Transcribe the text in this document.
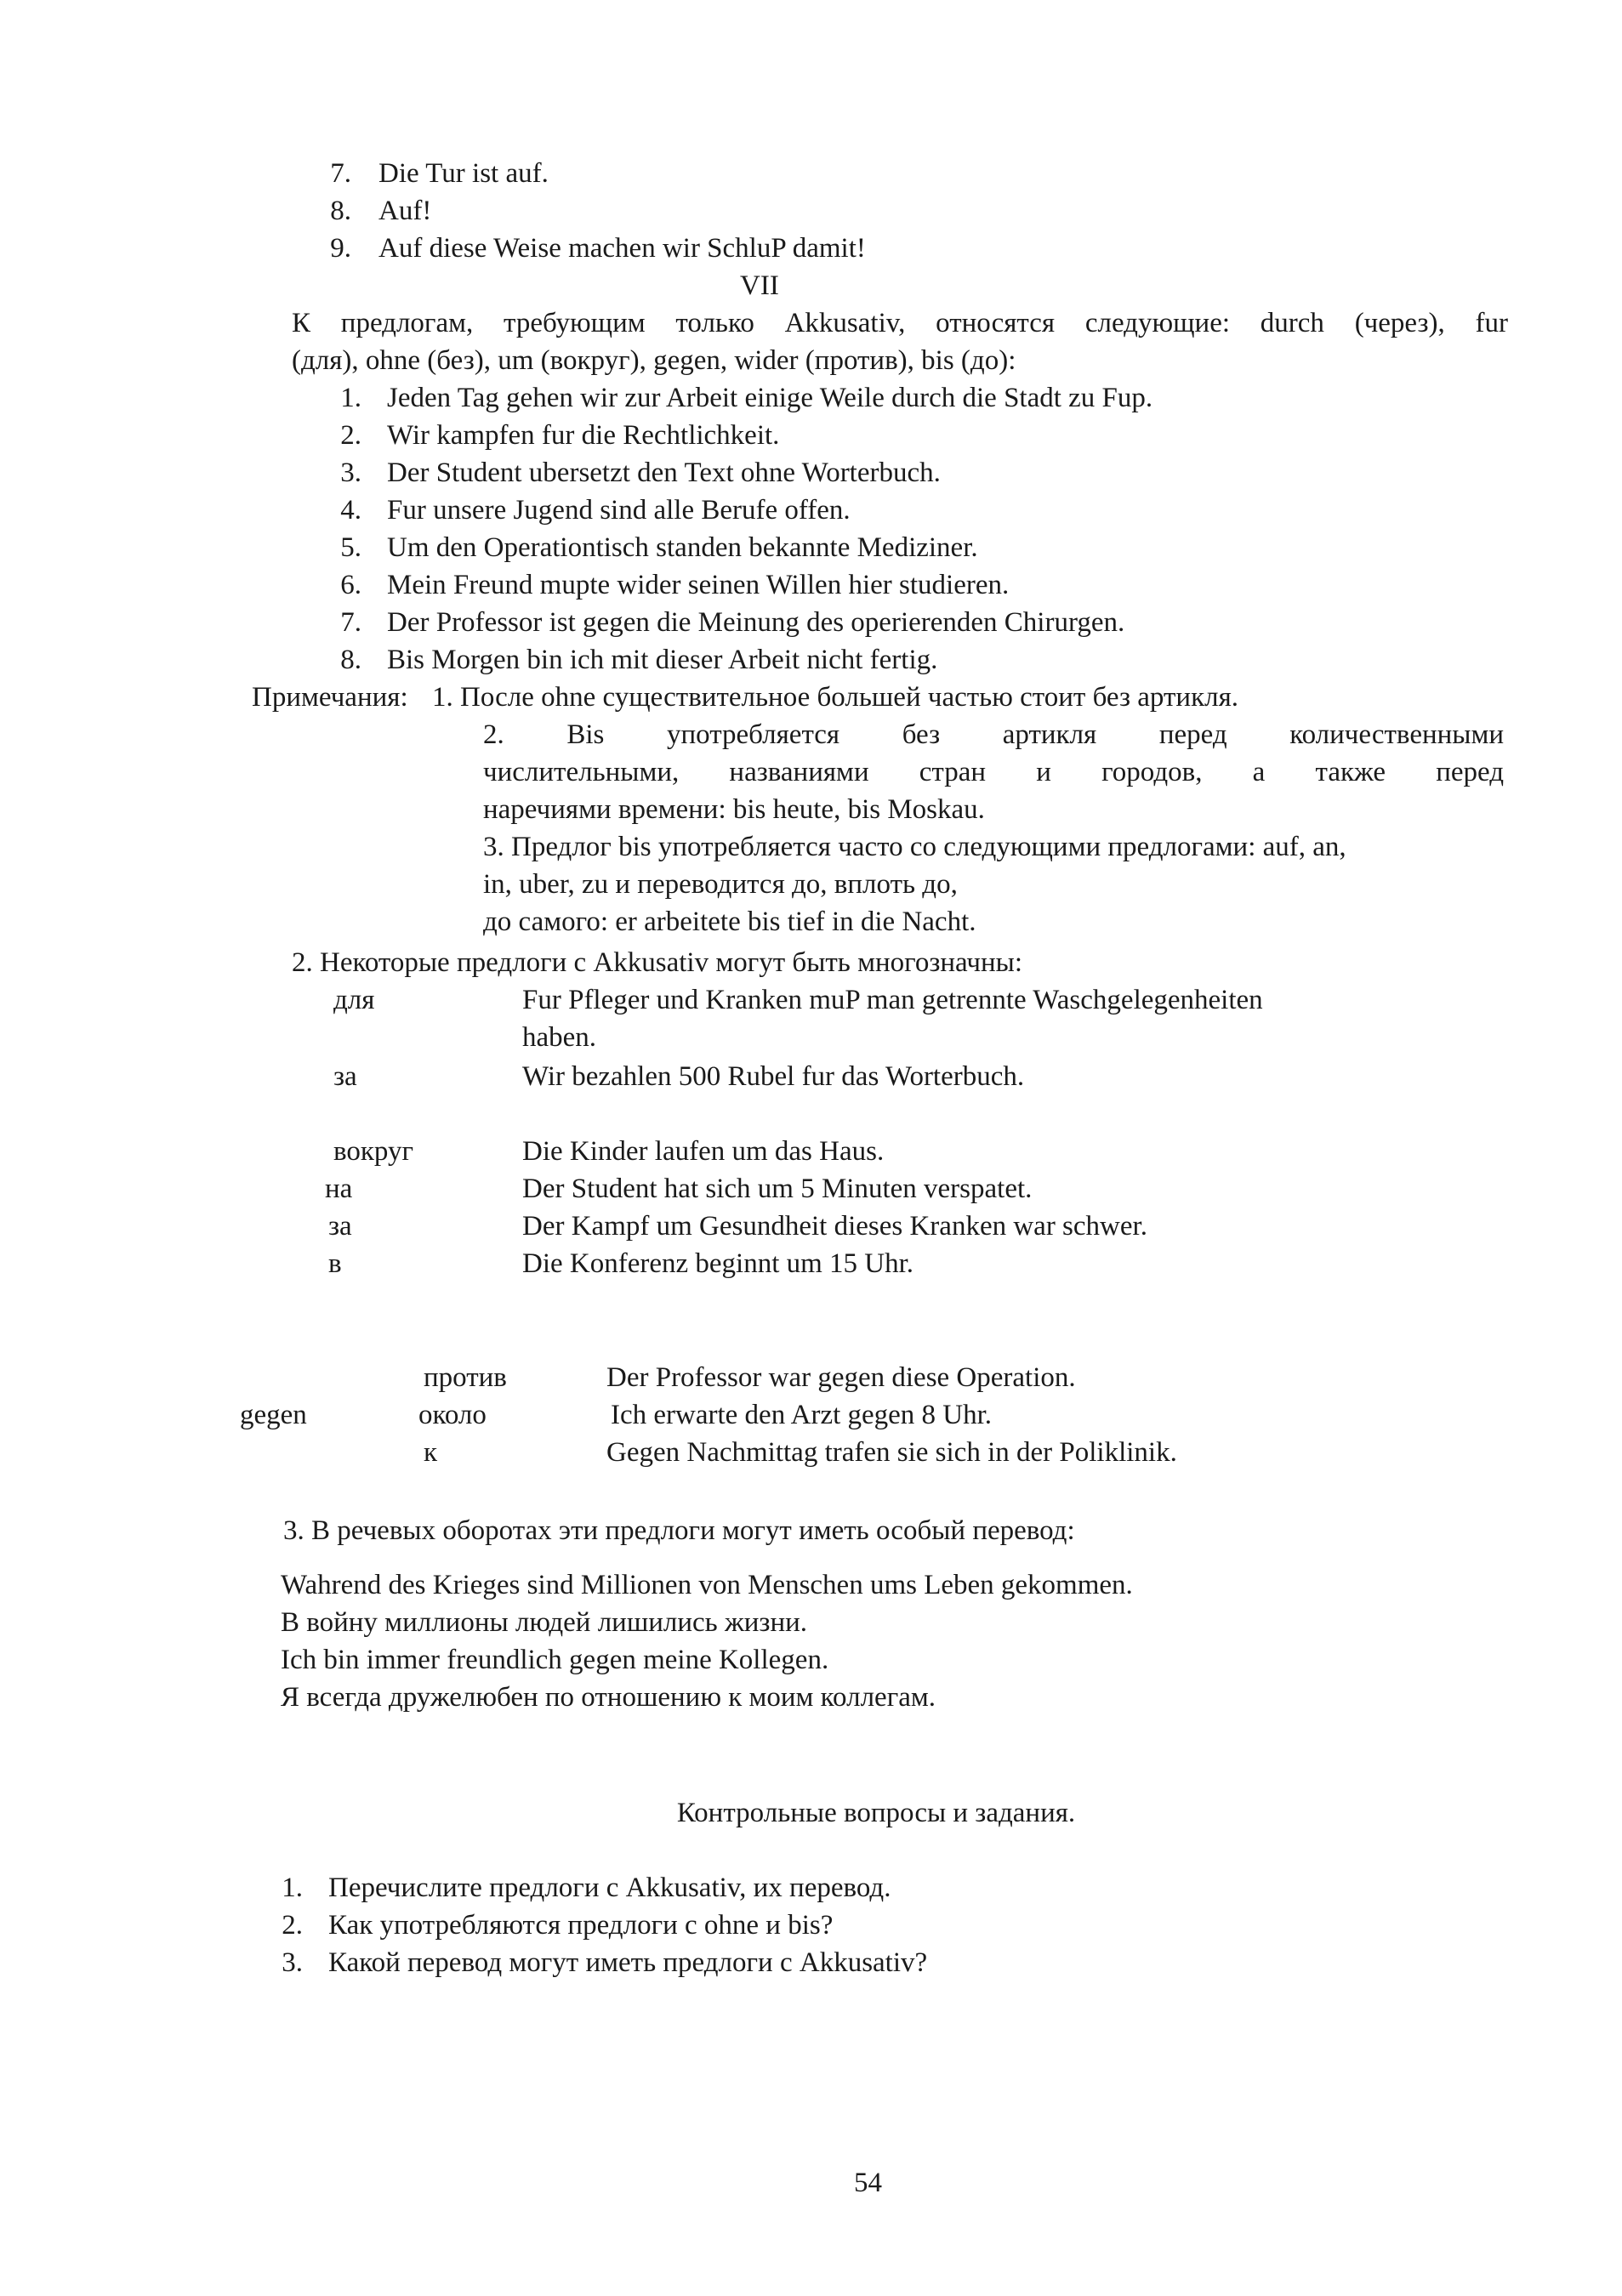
7. Die Tur ist auf.
8. Auf!
9. Auf diese Weise machen wir SchluP damit!
VII
К предлогам, требующим только Akkusativ, относятся следующие: durch (через), fur
(для), ohne (без), um (вокруг), gegen, wider (против), bis (до):
1. Jeden Tag gehen wir zur Arbeit einige Weile durch die Stadt zu Fup.
2. Wir kampfen fur die Rechtlichkeit.
3. Der Student ubersetzt den Text ohne Worterbuch.
4. Fur unsere Jugend sind alle Berufe offen.
5. Um den Operationtisch standen bekannte Mediziner.
6. Mein Freund mupte wider seinen Willen hier studieren.
7. Der Professor ist gegen die Meinung des operierenden Chirurgen.
8. Bis Morgen bin ich mit dieser Arbeit nicht fertig.
Примечания: 1. После ohne существительное большей частью стоит без артикля.
2. Bis употребляется без артикля перед количественными
числительными, названиями стран и городов, а также перед
наречиями времени: bis heute, bis Moskau.
3. Предлог bis употребляется часто со следующими предлогами: auf, an,
in, uber, zu и переводится до, вплоть до,
до самого: er arbeitete bis tief in die Nacht.
2. Некоторые предлоги с Akkusativ могут быть многозначны:
для	Fur Pfleger und Kranken muP man getrennte Waschgelegenheiten
haben.
за	Wir bezahlen 500 Rubel fur das Worterbuch.
вокруг	Die Kinder laufen um das Haus.
на	Der Student hat sich um 5 Minuten verspatet.
за	Der Kampf um Gesundheit dieses Kranken war schwer.
в	Die Konferenz beginnt um 15 Uhr.
против	Der Professor war gegen diese Operation.
gegen	около	Ich erwarte den Arzt gegen 8 Uhr.
к	Gegen Nachmittag trafen sie sich in der Poliklinik.
3. В речевых оборотах эти предлоги могут иметь особый перевод:
Wahrend des Krieges sind Millionen von Menschen ums Leben gekommen.
В войну миллионы людей лишились жизни.
Ich bin immer freundlich gegen meine Kollegen.
Я всегда дружелюбен по отношению к моим коллегам.
Контрольные вопросы и задания.
1. Перечислите предлоги с Akkusativ, их перевод.
2. Как употребляются предлоги с ohne и bis?
3. Какой перевод могут иметь предлоги с Akkusativ?
54
